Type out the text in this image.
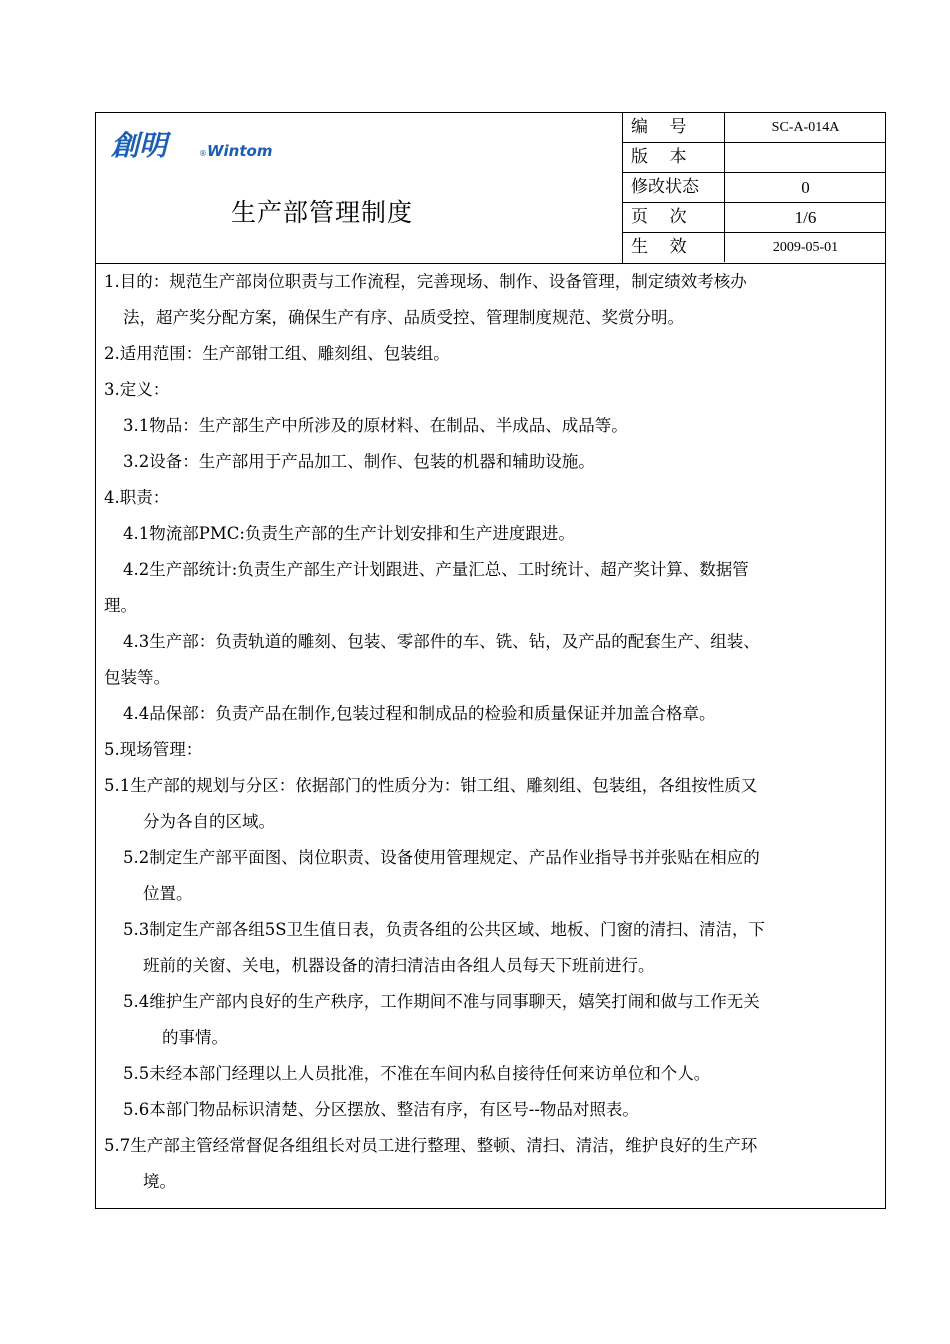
創明	® Wintom
生产部管理制度
编    号	SC-A-014A
版    本
修改状态	0
页    次	1/6
生    效	2009-05-01
1.目的：规范生产部岗位职责与工作流程，完善现场、制作、设备管理，制定绩效考核办
法，超产奖分配方案，确保生产有序、品质受控、管理制度规范、奖赏分明。
2.适用范围：生产部钳工组、雕刻组、包装组。
3.定义：
3.1物品：生产部生产中所涉及的原材料、在制品、半成品、成品等。
3.2设备：生产部用于产品加工、制作、包装的机器和辅助设施。
4.职责：
4.1物流部PMC:负责生产部的生产计划安排和生产进度跟进。
4.2生产部统计:负责生产部生产计划跟进、产量汇总、工时统计、超产奖计算、数据管
理。
4.3生产部：负责轨道的雕刻、包装、零部件的车、铣、钻，及产品的配套生产、组装、
包装等。
4.4品保部：负责产品在制作,包装过程和制成品的检验和质量保证并加盖合格章。
5.现场管理：
5.1生产部的规划与分区：依据部门的性质分为：钳工组、雕刻组、包装组，各组按性质又
分为各自的区域。
5.2制定生产部平面图、岗位职责、设备使用管理规定、产品作业指导书并张贴在相应的
位置。
5.3制定生产部各组5S卫生值日表，负责各组的公共区域、地板、门窗的清扫、清洁，下
班前的关窗、关电，机器设备的清扫清洁由各组人员每天下班前进行。
5.4维护生产部内良好的生产秩序，工作期间不准与同事聊天，嬉笑打闹和做与工作无关
的事情。
5.5未经本部门经理以上人员批准，不准在车间内私自接待任何来访单位和个人。
5.6本部门物品标识清楚、分区摆放、整洁有序，有区号--物品对照表。
5.7生产部主管经常督促各组组长对员工进行整理、整顿、清扫、清洁，维护良好的生产环
境。
